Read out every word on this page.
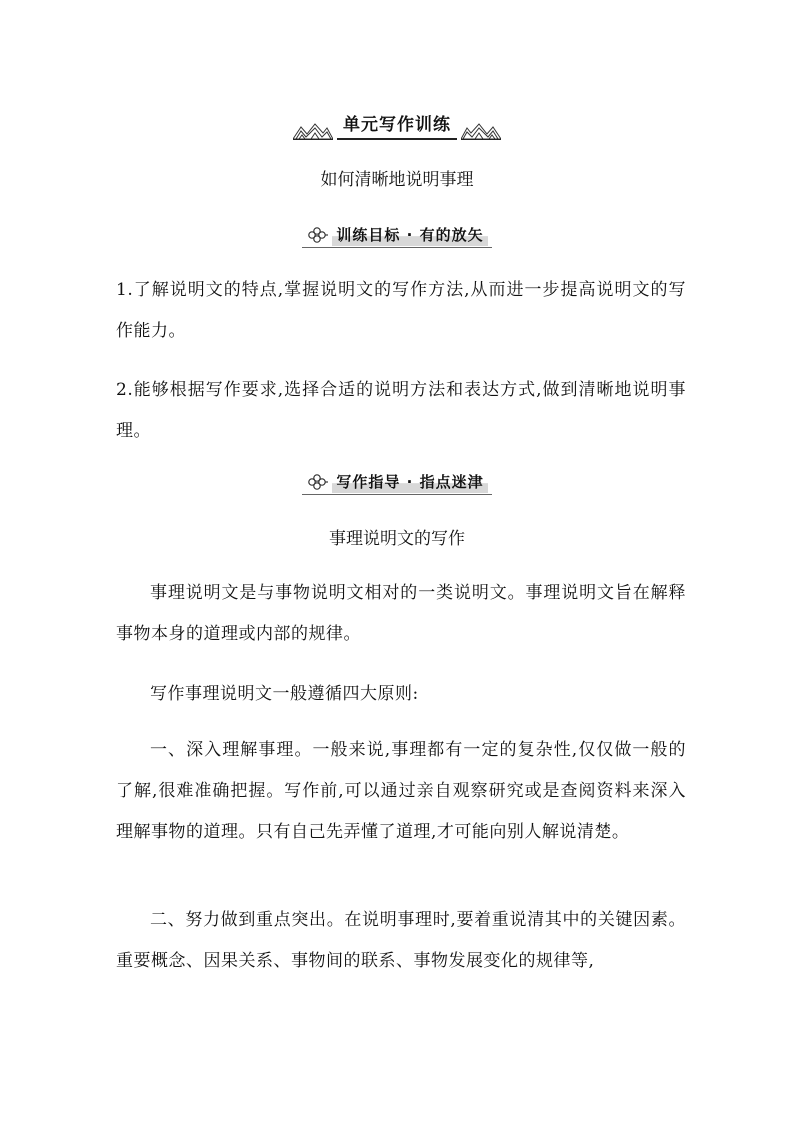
单元写作训练
如何清晰地说明事理
训练目标 · 有的放矢
1.了解说明文的特点,掌握说明文的写作方法,从而进一步提高说明文的写作能力。
2.能够根据写作要求,选择合适的说明方法和表达方式,做到清晰地说明事理。
写作指导 · 指点迷津
事理说明文的写作
事理说明文是与事物说明文相对的一类说明文。事理说明文旨在解释事物本身的道理或内部的规律。
写作事理说明文一般遵循四大原则:
一、深入理解事理。一般来说,事理都有一定的复杂性,仅仅做一般的了解,很难准确把握。写作前,可以通过亲自观察研究或是查阅资料来深入理解事物的道理。只有自己先弄懂了道理,才可能向别人解说清楚。
二、努力做到重点突出。在说明事理时,要着重说清其中的关键因素。重要概念、因果关系、事物间的联系、事物发展变化的规律等,
